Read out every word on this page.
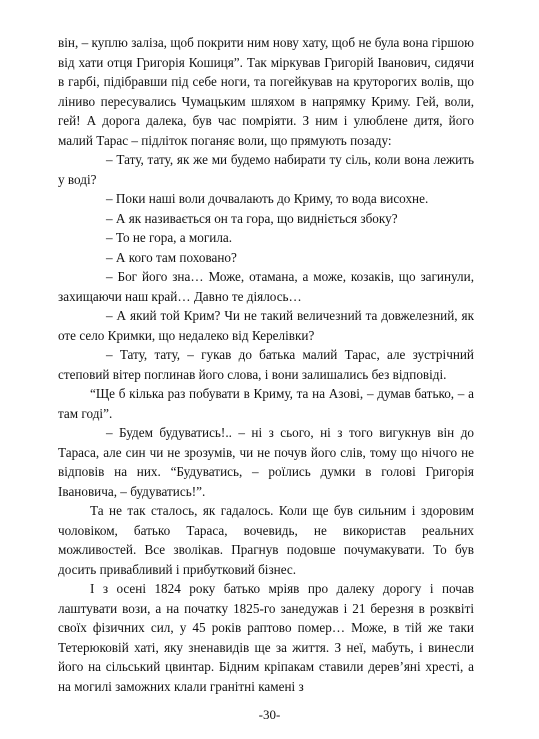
він, – куплю заліза, щоб покрити ним нову хату, щоб не була вона гіршою від хати отця Григорія Кошиця”. Так міркував Григорій Іванович, сидячи в гарбі, підібравши під себе ноги, та погейкував на круторогих волів, що ліниво пересувались Чумацьким шляхом в напрямку Криму. Гей, воли, гей! А дорога далека, був час помріяти. З ним і улюблене дитя, його малий Тарас – підліток поганяє воли, що прямують позаду:

– Тату, тату, як же ми будемо набирати ту сіль, коли вона лежить у воді?

– Поки наші воли дочвалають до Криму, то вода висохне.

– А як називається он та гора, що видніється збоку?

– То не гора, а могила.

– А кого там поховано?

– Бог його зна… Може, отамана, а може, козаків, що загинули, захищаючи наш край… Давно те діялось…

– А який той Крим? Чи не такий величезний та довжелезний, як оте село Кримки, що недалеко від Керелівки?

– Тату, тату, – гукав до батька малий Тарас, але зустрічний степовий вітер поглинав його слова, і вони залишались без відповіді.

“Ще б кілька раз побувати в Криму, та на Азові, – думав батько, – а там годі”.

– Будем будуватись!.. – ні з сього, ні з того вигукнув він до Тараса, але син чи не зрозумів, чи не почув його слів, тому що нічого не відповів на них. “Будуватись, – роїлись думки в голові Григорія Івановича, – будуватись!”.

Та не так сталось, як гадалось. Коли ще був сильним і здоровим чоловіком, батько Тараса, вочевидь, не використав реальних можливостей. Все зволікав. Прагнув подовше почумакувати. То був досить привабливий і прибутковий бізнес.

І з осені 1824 року батько мріяв про далеку дорогу і почав лаштувати вози, а на початку 1825-го занедужав і 21 березня в розквіті своїх фізичних сил, у 45 років раптово помер… Може, в тій же таки Тетерюковій хаті, яку зненавидів ще за життя. З неї, мабуть, і винесли його на сільський цвинтар. Бідним кріпакам ставили дерев’яні хресті, а на могилі заможних клали гранітні камені з

-30-
